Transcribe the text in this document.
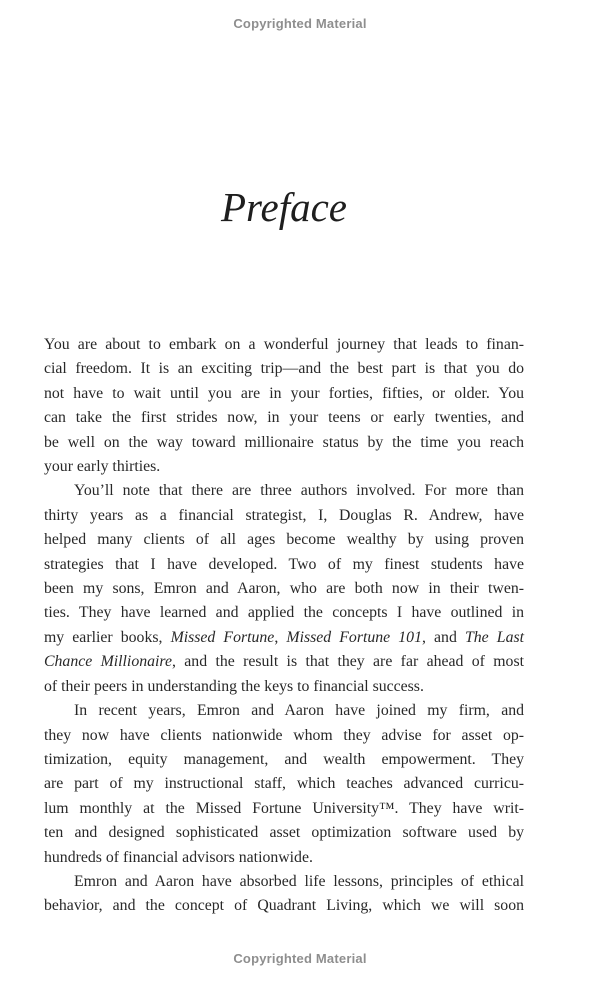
Copyrighted Material
Preface
You are about to embark on a wonderful journey that leads to finan-
cial freedom. It is an exciting trip—and the best part is that you do
not have to wait until you are in your forties, fifties, or older. You
can take the first strides now, in your teens or early twenties, and
be well on the way toward millionaire status by the time you reach
your early thirties.
You’ll note that there are three authors involved. For more than
thirty years as a financial strategist, I, Douglas R. Andrew, have
helped many clients of all ages become wealthy by using proven
strategies that I have developed. Two of my finest students have
been my sons, Emron and Aaron, who are both now in their twen-
ties. They have learned and applied the concepts I have outlined in
my earlier books, Missed Fortune, Missed Fortune 101, and The Last
Chance Millionaire, and the result is that they are far ahead of most
of their peers in understanding the keys to financial success.
In recent years, Emron and Aaron have joined my firm, and
they now have clients nationwide whom they advise for asset op-
timization, equity management, and wealth empowerment. They
are part of my instructional staff, which teaches advanced curricu-
lum monthly at the Missed Fortune University™. They have writ-
ten and designed sophisticated asset optimization software used by
hundreds of financial advisors nationwide.
Emron and Aaron have absorbed life lessons, principles of ethical
behavior, and the concept of Quadrant Living, which we will soon
Copyrighted Material
